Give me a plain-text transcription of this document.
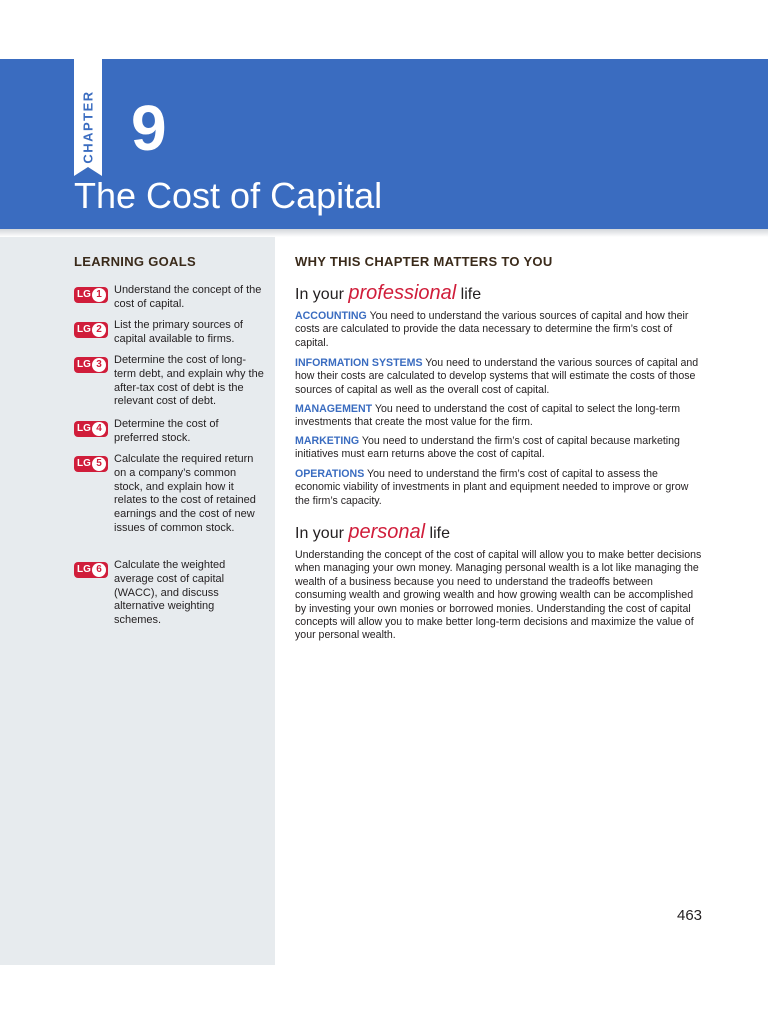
CHAPTER 9
The Cost of Capital
LEARNING GOALS
LG 1	Understand the concept of the cost of capital.
LG 2	List the primary sources of capital available to firms.
LG 3	Determine the cost of long-term debt, and explain why the after-tax cost of debt is the relevant cost of debt.
LG 4	Determine the cost of preferred stock.
LG 5	Calculate the required return on a company’s common stock, and explain how it relates to the cost of retained earnings and the cost of new issues of common stock.
LG 6	Calculate the weighted average cost of capital (WACC), and discuss alternative weighting schemes.
WHY THIS CHAPTER MATTERS TO YOU
In your professional life
ACCOUNTING You need to understand the various sources of capital and how their costs are calculated to provide the data necessary to determine the firm’s cost of capital.
INFORMATION SYSTEMS You need to understand the various sources of capital and how their costs are calculated to develop systems that will estimate the costs of those sources of capital as well as the overall cost of capital.
MANAGEMENT You need to understand the cost of capital to select the long-term investments that create the most value for the firm.
MARKETING You need to understand the firm’s cost of capital because marketing initiatives must earn returns above the cost of capital.
OPERATIONS You need to understand the firm’s cost of capital to assess the economic viability of investments in plant and equipment needed to improve or grow the firm’s capacity.
In your personal life
Understanding the concept of the cost of capital will allow you to make better decisions when managing your own money. Managing personal wealth is a lot like managing the wealth of a business because you need to understand the tradeoffs between consuming wealth and growing wealth and how growing wealth can be accomplished by investing your own monies or borrowed monies. Understanding the cost of capital concepts will allow you to make better long-term decisions and maximize the value of your personal wealth.
463
